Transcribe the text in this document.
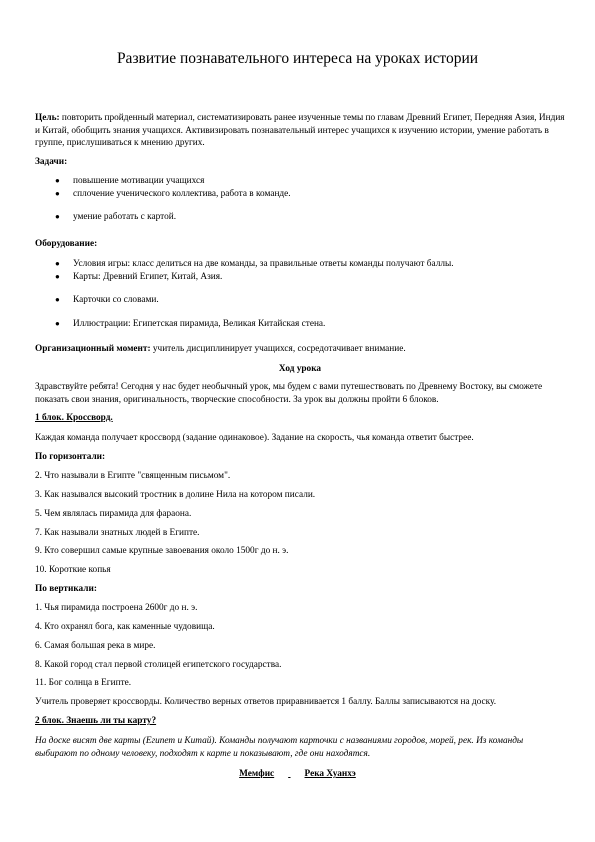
Развитие познавательного интереса на уроках истории
Цель: повторить пройденный материал, систематизировать ранее изученные темы по главам Древний Египет, Передняя Азия, Индия и Китай, обобщить знания учащихся. Активизировать познавательный интерес учащихся к изучению истории, умение работать в группе, прислушиваться к мнению других.
Задачи:
● повышение мотивации учащихся
● сплочение ученического коллектива, работа в команде.
● умение работать с картой.
Оборудование:
● Условия игры: класс делиться на две команды, за правильные ответы команды получают баллы.
● Карты: Древний Египет, Китай, Азия.
● Карточки со словами.
● Иллюстрации: Египетская пирамида, Великая Китайская стена.
Организационный момент: учитель дисциплинирует учащихся, сосредотачивает внимание.
Ход урока
Здравствуйте ребята! Сегодня у нас будет необычный урок, мы будем с вами путешествовать по Древнему Востоку, вы сможете показать свои знания, оригинальность, творческие способности. За урок вы должны пройти 6 блоков.
1 блок. Кроссворд.
Каждая команда получает кроссворд (задание одинаковое). Задание на скорость, чья команда ответит быстрее.
По горизонтали:
2. Что называли в Египте "священным письмом".
3. Как назывался высокий тростник в долине Нила на котором писали.
5. Чем являлась пирамида для фараона.
7. Как называли знатных людей в Египте.
9. Кто совершил самые крупные завоевания около 1500г до н. э.
10. Короткие копья
По вертикали:
1. Чья пирамида построена 2600г до н. э.
4. Кто охранял бога, как каменные чудовища.
6. Самая большая река в мире.
8. Какой город стал первой столицей египетского государства.
11. Бог солнца в Египте.
Учитель проверяет кроссворды. Количество верных ответов приравнивается 1 баллу. Баллы записываются на доску.
2 блок. Знаешь ли ты карту?
На доске висят две карты (Египет и Китай). Команды получают карточки с названиями городов, морей, рек. Из команды выбирают по одному человеку, подходят к карте и показывают, где они находятся.
Мемфис	Река Хуанхэ
